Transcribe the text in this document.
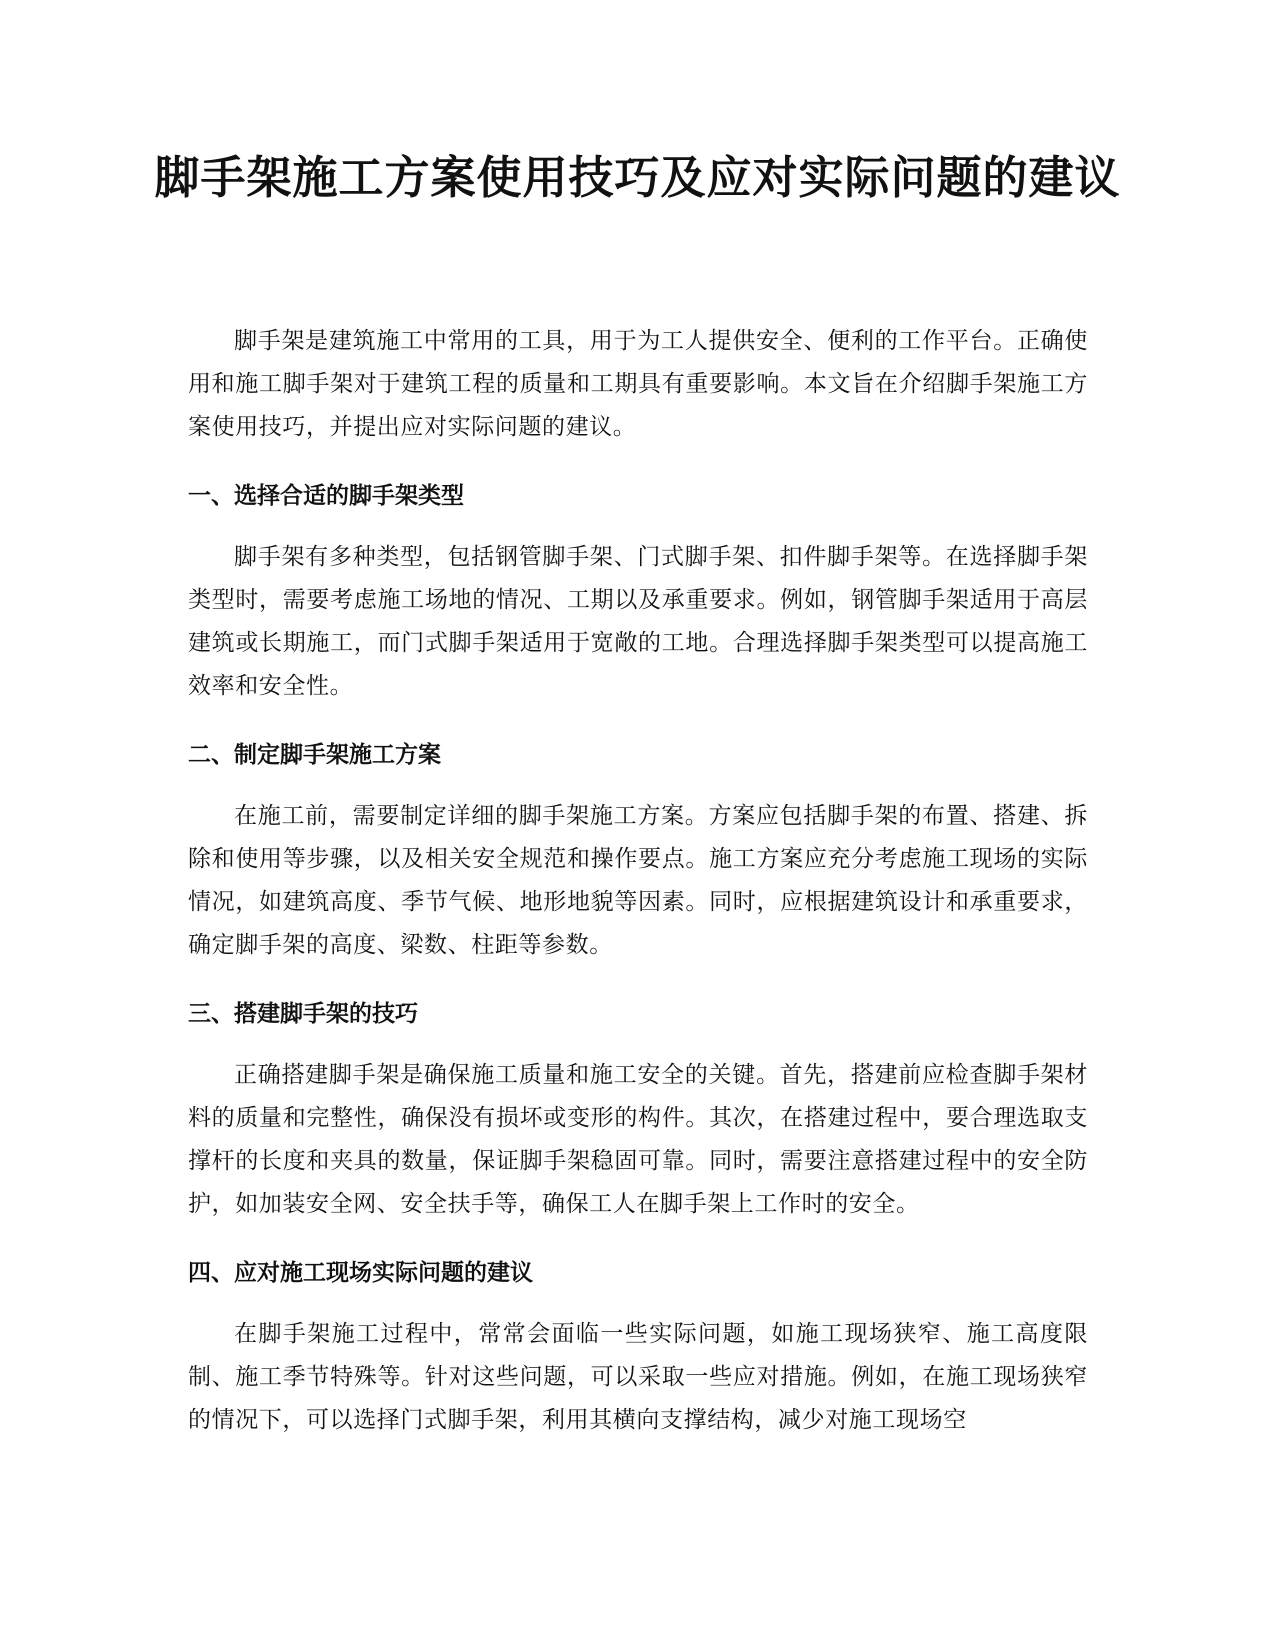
脚手架施工方案使用技巧及应对实际问题的建议

脚手架是建筑施工中常用的工具，用于为工人提供安全、便利的工作平台。正确使用和施工脚手架对于建筑工程的质量和工期具有重要影响。本文旨在介绍脚手架施工方案使用技巧，并提出应对实际问题的建议。

一、选择合适的脚手架类型

脚手架有多种类型，包括钢管脚手架、门式脚手架、扣件脚手架等。在选择脚手架类型时，需要考虑施工场地的情况、工期以及承重要求。例如，钢管脚手架适用于高层建筑或长期施工，而门式脚手架适用于宽敞的工地。合理选择脚手架类型可以提高施工效率和安全性。

二、制定脚手架施工方案

在施工前，需要制定详细的脚手架施工方案。方案应包括脚手架的布置、搭建、拆除和使用等步骤，以及相关安全规范和操作要点。施工方案应充分考虑施工现场的实际情况，如建筑高度、季节气候、地形地貌等因素。同时，应根据建筑设计和承重要求，确定脚手架的高度、梁数、柱距等参数。

三、搭建脚手架的技巧

正确搭建脚手架是确保施工质量和施工安全的关键。首先，搭建前应检查脚手架材料的质量和完整性，确保没有损坏或变形的构件。其次，在搭建过程中，要合理选取支撑杆的长度和夹具的数量，保证脚手架稳固可靠。同时，需要注意搭建过程中的安全防护，如加装安全网、安全扶手等，确保工人在脚手架上工作时的安全。

四、应对施工现场实际问题的建议

在脚手架施工过程中，常常会面临一些实际问题，如施工现场狭窄、施工高度限制、施工季节特殊等。针对这些问题，可以采取一些应对措施。例如，在施工现场狭窄的情况下，可以选择门式脚手架，利用其横向支撑结构，减少对施工现场空
